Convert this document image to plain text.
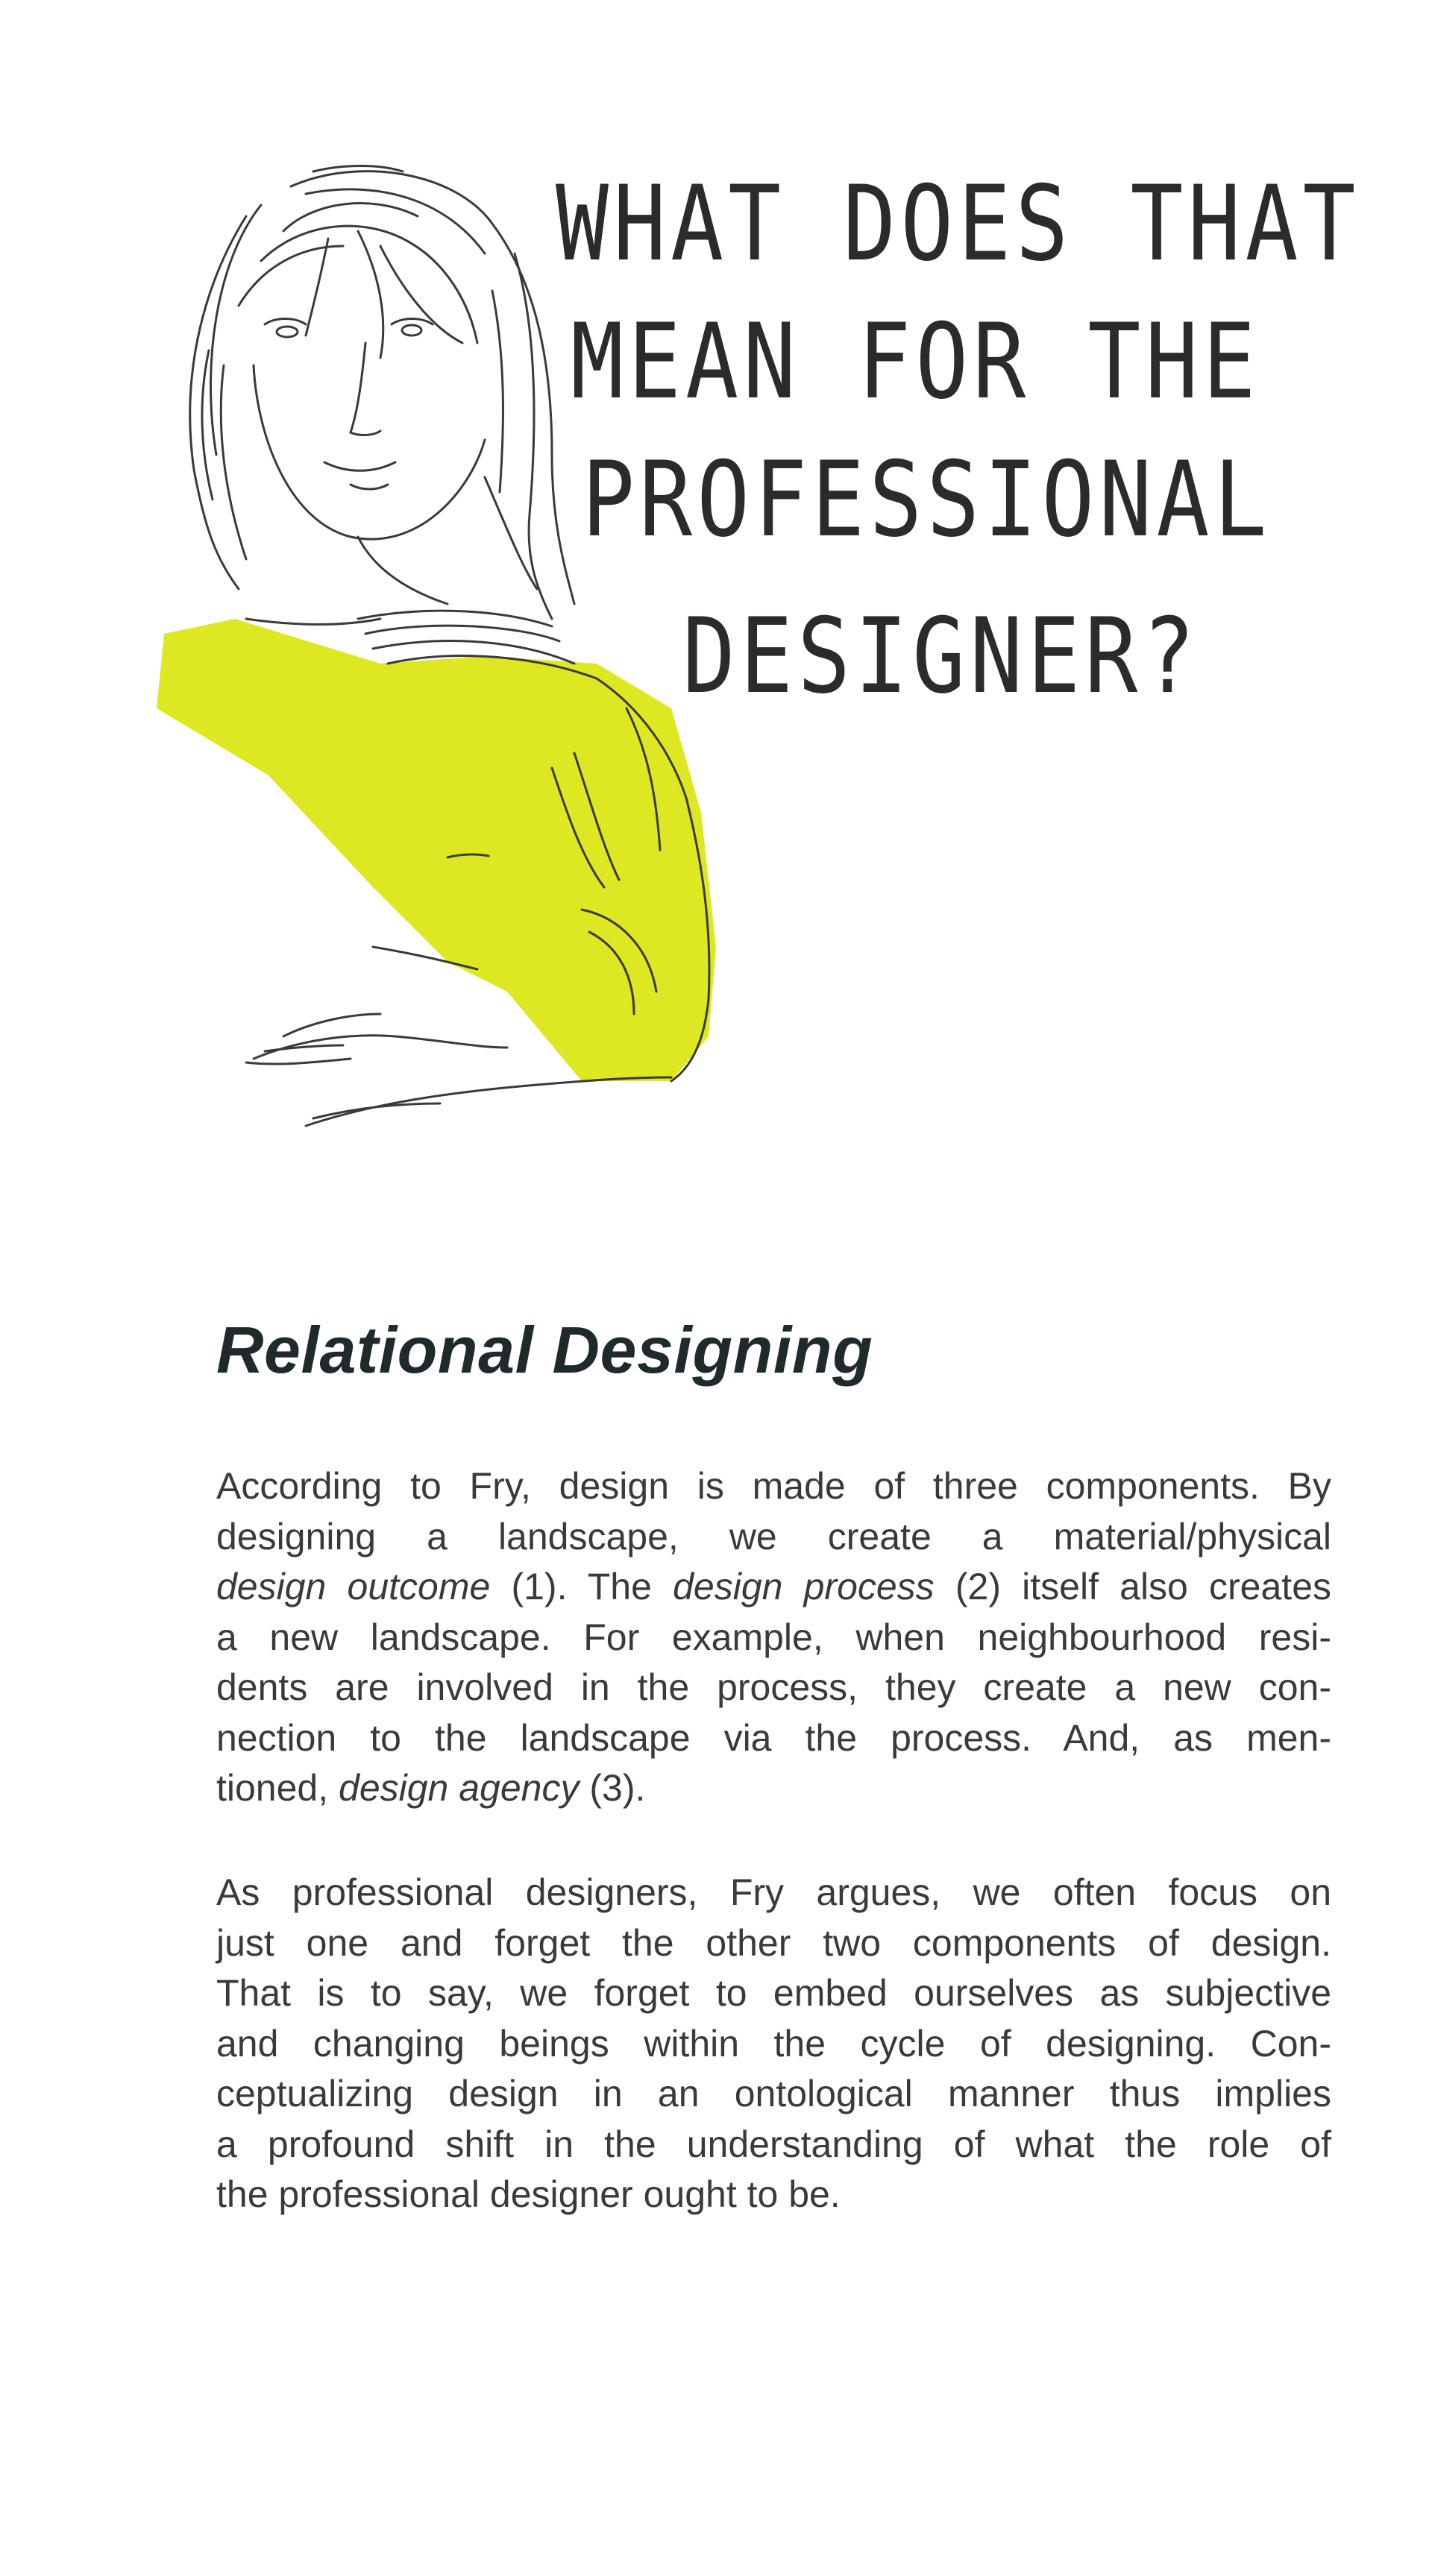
WHAT DOES THAT
MEAN FOR THE
PROFESSIONAL
DESIGNER?
Relational Designing

According to Fry, design is made of three components. By
designing a landscape, we create a material/physical
design outcome (1). The design process (2) itself also creates
a new landscape. For example, when neighbourhood resi-
dents are involved in the process, they create a new con-
nection to the landscape via the process. And, as men-
tioned, design agency (3).

As professional designers, Fry argues, we often focus on
just one and forget the other two components of design.
That is to say, we forget to embed ourselves as subjective
and changing beings within the cycle of designing. Con-
ceptualizing design in an ontological manner thus implies
a profound shift in the understanding of what the role of
the professional designer ought to be.
